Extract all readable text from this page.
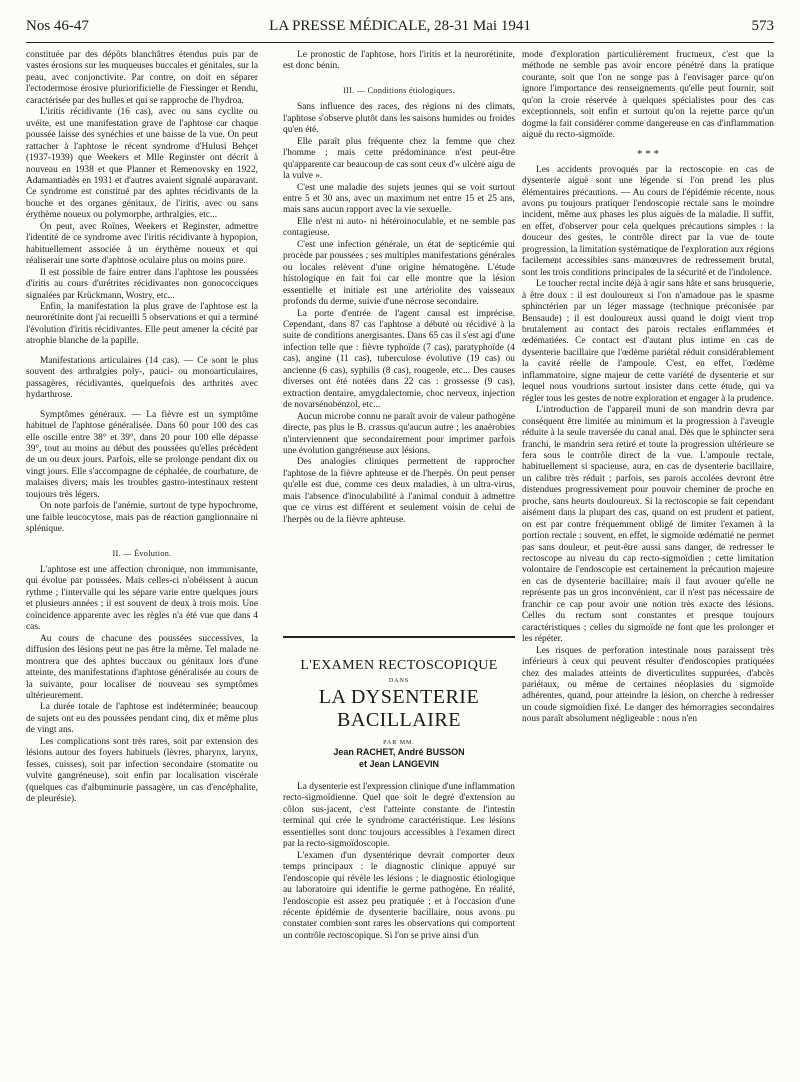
Nos 46-47	LA PRESSE MÉDICALE, 28-31 Mai 1941	573

constituée par des dépôts blanchâtres étendus puis par de vastes érosions sur les muqueuses buccales et génitales, sur la peau, avec conjonctivite. Par contre, on doit en séparer l'ectodermose érosive pluriorificielle de Fiessinger et Rendu, caractérisée par des bulles et qui se rapproche de l'hydroa.

L'iritis récidivante (16 cas), avec ou sans cyclite ou uvéite, est une manifestation grave de l'aphtose car chaque poussée laisse des synéchies et une baisse de la vue. On peut rattacher à l'aphtose le récent syndrome d'Hulusi Behçet (1937-1939) que Weekers et Mlle Reginster ont décrit à nouveau en 1938 et que Planner et Remenovsky en 1922, Adamantiadès en 1931 et d'autres avaient signalé auparavant. Ce syndrome est constitué par des aphtes récidivants de la bouche et des organes génitaux, de l'iritis, avec ou sans érythème noueux ou polymorphe, arthralgies, etc...

On peut, avec Roïnes, Weekers et Reginster, admettre l'identité de ce syndrome avec l'iritis récidivante à hypopion, habituellement associée à un érythème noueux et qui réaliserait une sorte d'aphtose oculaire plus ou moins pure.

Il est possible de faire entrer dans l'aphtose les poussées d'iritis au cours d'urétrites récidivantes non gonococciques signalées par Krückmann, Wostry, etc...

Enfin, la manifestation la plus grave de l'aphtose est la neurorétinite dont j'ai recueilli 5 observations et qui a terminé l'évolution d'iritis récidivantes. Elle peut amener la cécité par atrophie blanche de la papille.

Manifestations articulaires (14 cas). — Ce sont le plus souvent des arthralgies poly-, pauci- ou monoarticulaires, passagères, récidivantes, quelquefois des arthrites avec hydarthrose.

Symptômes généraux. — La fièvre est un symptôme habituel de l'aphtose généralisée. Dans 60 pour 100 des cas elle oscille entre 38° et 39°, dans 20 pour 100 elle dépasse 39°, tout au moins au début des poussées qu'elles précèdent de un ou deux jours. Parfois, elle se prolonge pendant dix ou vingt jours. Elle s'accompagne de céphalée, de courbature, de malaises divers; mais les troubles gastro-intestinaux restent toujours très légers.

On note parfois de l'anémie, surtout de type hypochrome, une faible leucocytose, mais pas de réaction ganglionnaire ni splénique.

II. — Évolution.

L'aphtose est une affection chronique, non immunisante, qui évolue par poussées. Mais celles-ci n'obéissent à aucun rythme ; l'intervalle qui les sépare varie entre quelques jours et plusieurs années ; il est souvent de deux à trois mois. Une coïncidence apparente avec les règles n'a été vue que dans 4 cas.

Au cours de chacune des poussées successives, la diffusion des lésions peut ne pas être la même. Tel malade ne montrera que des aphtes buccaux ou génitaux lors d'une atteinte, des manifestations d'aphtose généralisée au cours de la suivante, pour localiser de nouveau ses symptômes ultérieurement.

La durée totale de l'aphtose est indéterminée; beaucoup de sujets ont eu des poussées pendant cinq, dix et même plus de vingt ans.

Les complications sont très rares, soit par extension des lésions autour des foyers habituels (lèvres, pharynx, larynx, fesses, cuisses), soit par infection secondaire (stomatite ou vulvite gangréneuse), soit enfin par localisation viscérale (quelques cas d'albuminurie passagère, un cas d'encéphalite, de pleurésie).

Le pronostic de l'aphtose, hors l'iritis et la neurorétinite, est donc bénin.

III. — Conditions étiologiques.

Sans influence des races, des régions ni des climats, l'aphtose s'observe plutôt dans les saisons humides ou froides qu'en été.

Elle paraît plus fréquente chez la femme que chez l'homme ; mais cette prédominance n'est peut-être qu'apparente car beaucoup de cas sont ceux d'« ulcère aigu de la vulve ».

C'est une maladie des sujets jeunes qui se voit surtout entre 5 et 30 ans, avec un maximum net entre 15 et 25 ans, mais sans aucun rapport avec la vie sexuelle.

Elle n'est ni auto- ni hétéroinoculable, et ne semble pas contagieuse.

C'est une infection générale, un état de septicémie qui procède par poussées ; ses multiples manifestations générales ou locales relèvent d'une origine hématogène. L'étude histologique en fait foi car elle montre que la lésion essentielle et initiale est une artériolite des vaisseaux profonds du derme, suivie d'une nécrose secondaire.

La porte d'entrée de l'agent causal est imprécise. Cependant, dans 87 cas l'aphtose a débuté ou récidivé à la suite de conditions anergisantes. Dans 65 cas il s'est agi d'une infection telle que : fièvre typhoïde (7 cas), paratyphoïde (4 cas), angine (11 cas), tuberculose évolutive (19 cas) ou ancienne (6 cas), syphilis (8 cas), rougeole, etc... Des causes diverses ont été notées dans 22 cas : grossesse (9 cas), extraction dentaire, amygdalectomie, choc nerveux, injection de novarsénobenzol, etc...

Aucun microbe connu ne paraît avoir de valeur pathogène directe, pas plus le B. crassus qu'aucun autre ; les anaérobies n'interviennent que secondairement pour imprimer parfois une évolution gangréneuse aux lésions.

Des analogies cliniques permettent de rapprocher l'aphtose de la fièvre aphteuse et de l'herpès. On peut penser qu'elle est due, comme ces deux maladies, à un ultra-virus, mais l'absence d'inoculabilité à l'animal conduit à admettre que ce virus est différent et seulement voisin de celui de l'herpès ou de la fièvre aphteuse.

L'EXAMEN RECTOSCOPIQUE
DANS
LA DYSENTERIE BACILLAIRE
PAR MM.
Jean RACHET, André BUSSON
et Jean LANGEVIN

La dysenterie est l'expression clinique d'une inflammation recto-sigmoïdienne. Quel que soit le degré d'extension au côlon sus-jacent, c'est l'atteinte constante de l'intestin terminal qui crée le syndrome caractéristique. Les lésions essentielles sont donc toujours accessibles à l'examen direct par la recto-sigmoïdoscopie.

L'examen d'un dysentérique devrait comporter deux temps principaux : le diagnostic clinique appuyé sur l'endoscopie qui révèle les lésions ; le diagnostic étiologique au laboratoire qui identifie le germe pathogène. En réalité, l'endoscopie est assez peu pratiquée ; et à l'occasion d'une récente épidémie de dysenterie bacillaire, nous avons pu constater combien sont rares les observations qui comportent un contrôle rectoscopique. Si l'on se prive ainsi d'un

mode d'exploration particulièrement fructueux, c'est que la méthode ne semble pas avoir encore pénétré dans la pratique courante, soit que l'on ne songe pas à l'envisager parce qu'on ignore l'importance des renseignements qu'elle peut fournir, soit qu'on la croie réservée à quelques spécialistes pour des cas exceptionnels, soit enfin et surtout qu'on la rejette parce qu'un dogme la fait considérer comme dangereuse en cas d'inflammation aiguë du recto-sigmoïde.

* * *

Les accidents provoqués par la rectoscopie en cas de dysenterie aiguë sont une légende si l'on prend les plus élémentaires précautions. — Au cours de l'épidémie récente, nous avons pu toujours pratiquer l'endoscopie rectale sans le moindre incident, même aux phases les plus aiguës de la maladie. Il suffit, en effet, d'observer pour cela quelques précautions simples : la douceur des gestes, le contrôle direct par la vue de toute progression, la limitation systématique de l'exploration aux régions facilement accessibles sans manœuvres de redressement brutal, sont les trois conditions principales de la sécurité et de l'indolence.

Le toucher rectal incite déjà à agir sans hâte et sans brusquerie, à être doux : il est douloureux si l'on n'amadoue pas le spasme sphinctérien par un léger massage (technique préconisée par Bensaude) ; il est douloureux aussi quand le doigt vient trop brutalement au contact des parois rectales enflammées et œdématiées. Ce contact est d'autant plus intime en cas de dysenterie bacillaire que l'œdème pariétal réduit considérablement la cavité réelle de l'ampoule. C'est, en effet, l'œdème inflammatoire, signe majeur de cette variété de dysenterie et sur lequel nous voudrions surtout insister dans cette étude, qui va régler tous les gestes de notre exploration et engager à la prudence.

L'introduction de l'appareil muni de son mandrin devra par conséquent être limitée au minimum et la progression à l'aveugle réduite à la seule traversée du canal anal. Dès que le sphincter sera franchi, le mandrin sera retiré et toute la progression ultérieure se fera sous le contrôle direct de la vue. L'ampoule rectale, habituellement si spacieuse, aura, en cas de dysenterie bacillaire, un calibre très réduit ; parfois, ses parois accolées devront être distendues progressivement pour pouvoir cheminer de proche en proche, sans heurts douloureux. Si la rectoscopie se fait cependant aisément dans la plupart des cas, quand on est prudent et patient, on est par contre fréquemment obligé de limiter l'examen à la portion rectale : souvent, en effet, le sigmoïde œdématié ne permet pas sans douleur, et peut-être aussi sans danger, de redresser le rectoscope au niveau du cap recto-sigmoïdien ; cette limitation volontaire de l'endoscopie est certainement la précaution majeure en cas de dysenterie bacillaire; mais il faut avouer qu'elle ne représente pas un gros inconvénient, car il n'est pas nécessaire de franchir ce cap pour avoir une notion très exacte des lésions. Celles du rectum sont constantes et presque toujours caractéristiques ; celles du sigmoïde ne font que les prolonger et les répéter.

Les risques de perforation intestinale nous paraissent très inférieurs à ceux qui peuvent résulter d'endoscopies pratiquées chez des malades atteints de diverticulites suppurées, d'abcès pariétaux, ou même de certaines néoplasies du sigmoïde adhérentes, quand, pour atteindre la lésion, on cherche à redresser un coude sigmoïdien fixé. Le danger des hémorragies secondaires nous paraît absolument négligeable : nous n'en
